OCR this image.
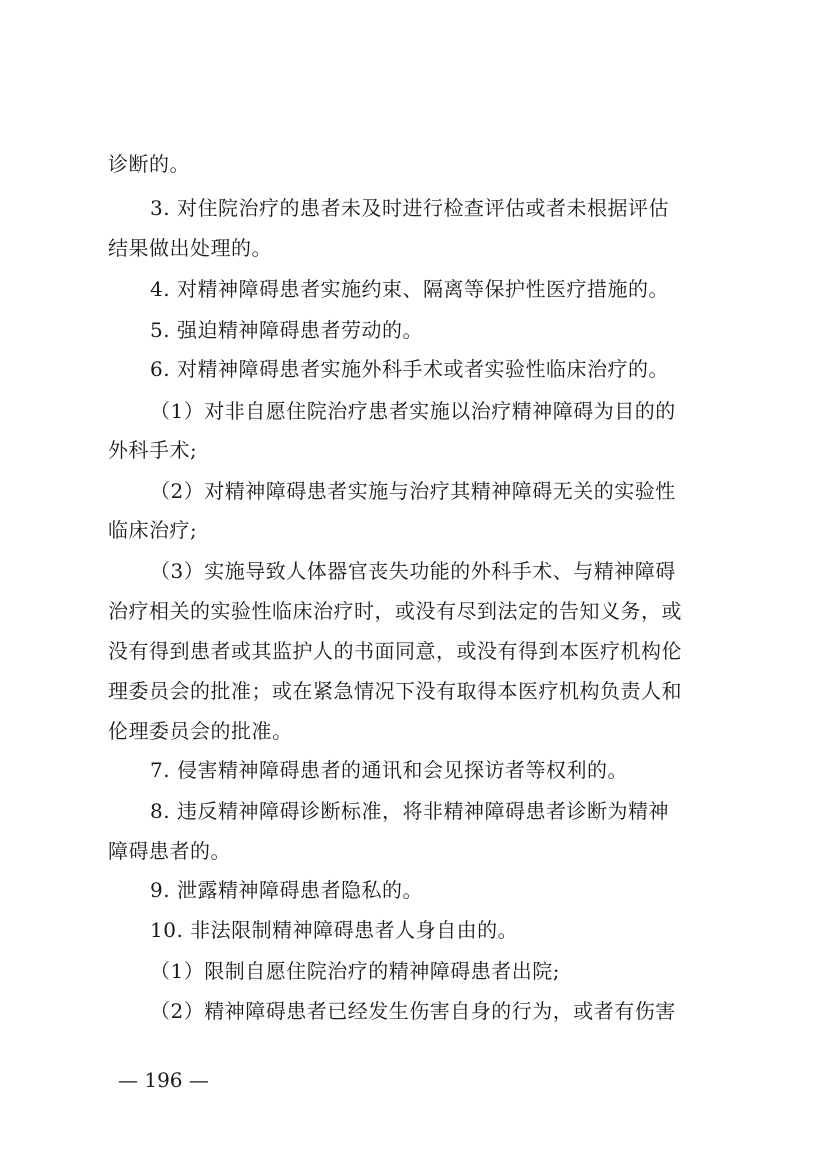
诊断的。
3. 对住院治疗的患者未及时进行检查评估或者未根据评估
结果做出处理的。
4. 对精神障碍患者实施约束、隔离等保护性医疗措施的。
5. 强迫精神障碍患者劳动的。
6. 对精神障碍患者实施外科手术或者实验性临床治疗的。
（1）对非自愿住院治疗患者实施以治疗精神障碍为目的的
外科手术;
（2）对精神障碍患者实施与治疗其精神障碍无关的实验性
临床治疗;
（3）实施导致人体器官丧失功能的外科手术、与精神障碍
治疗相关的实验性临床治疗时，或没有尽到法定的告知义务，或
没有得到患者或其监护人的书面同意，或没有得到本医疗机构伦
理委员会的批准；或在紧急情况下没有取得本医疗机构负责人和
伦理委员会的批准。
7. 侵害精神障碍患者的通讯和会见探访者等权利的。
8. 违反精神障碍诊断标准，将非精神障碍患者诊断为精神
障碍患者的。
9. 泄露精神障碍患者隐私的。
10. 非法限制精神障碍患者人身自由的。
（1）限制自愿住院治疗的精神障碍患者出院;
（2）精神障碍患者已经发生伤害自身的行为，或者有伤害
— 196 —
